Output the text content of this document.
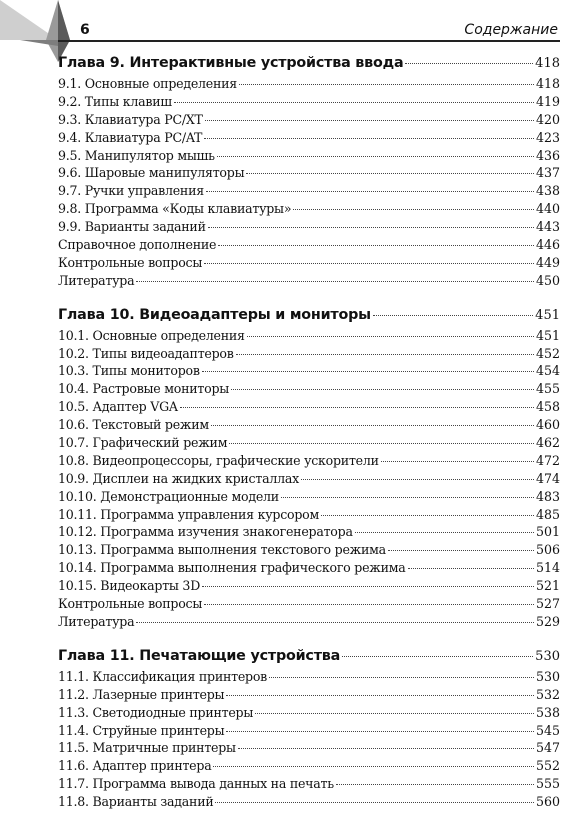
6	Содержание
Глава 9. Интерактивные устройства ввода	418
9.1. Основные определения	418
9.2. Типы клавиш	419
9.3. Клавиатура PC/XT	420
9.4. Клавиатура PC/AT	423
9.5. Манипулятор мышь	436
9.6. Шаровые манипуляторы	437
9.7. Ручки управления	438
9.8. Программа «Коды клавиатуры»	440
9.9. Варианты заданий	443
Справочное дополнение	446
Контрольные вопросы	449
Литература	450
Глава 10. Видеоадаптеры и мониторы	451
10.1. Основные определения	451
10.2. Типы видеоадаптеров	452
10.3. Типы мониторов	454
10.4. Растровые мониторы	455
10.5. Адаптер VGA	458
10.6. Текстовый режим	460
10.7. Графический режим	462
10.8. Видеопроцессоры, графические ускорители	472
10.9. Дисплеи на жидких кристаллах	474
10.10. Демонстрационные модели	483
10.11. Программа управления курсором	485
10.12. Программа изучения знакогенератора	501
10.13. Программа выполнения текстового режима	506
10.14. Программа выполнения графического режима	514
10.15. Видеокарты 3D	521
Контрольные вопросы	527
Литература	529
Глава 11. Печатающие устройства	530
11.1. Классификация принтеров	530
11.2. Лазерные принтеры	532
11.3. Светодиодные принтеры	538
11.4. Струйные принтеры	545
11.5. Матричные принтеры	547
11.6. Адаптер принтера	552
11.7. Программа вывода данных на печать	555
11.8. Варианты заданий	560
